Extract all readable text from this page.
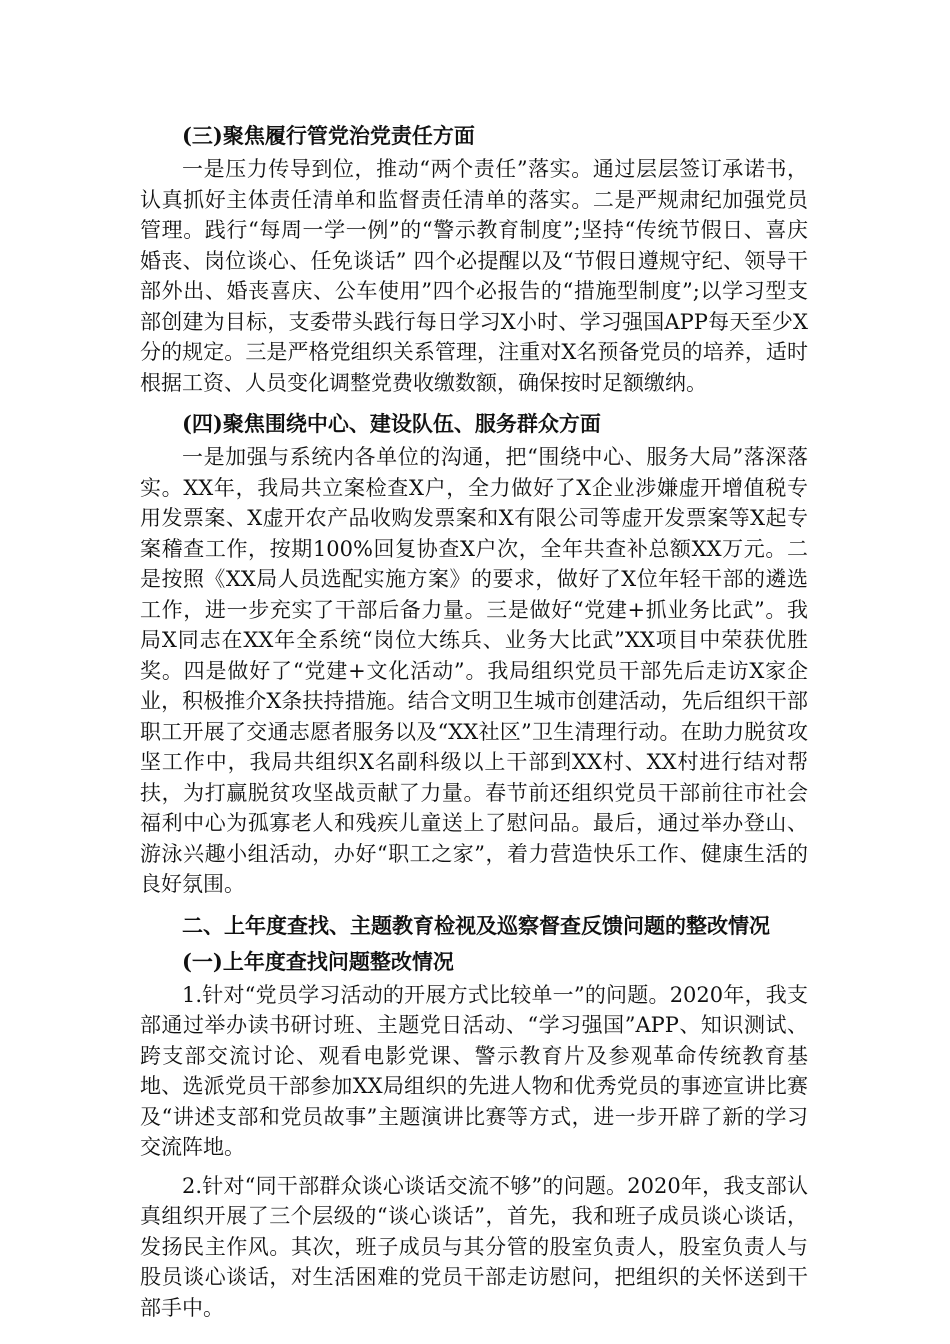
(三)聚焦履行管党治党责任方面

一是压力传导到位，推动“两个责任”落实。通过层层签订承诺书，认真抓好主体责任清单和监督责任清单的落实。二是严规肃纪加强党员管理。践行“每周一学一例”的“警示教育制度”;坚持“传统节假日、喜庆婚丧、岗位谈心、任免谈话” 四个必提醒以及“节假日遵规守纪、领导干部外出、婚丧喜庆、公车使用”四个必报告的“措施型制度”;以学习型支部创建为目标，支委带头践行每日学习X小时、学习强国APP每天至少X分的规定。三是严格党组织关系管理，注重对X名预备党员的培养，适时根据工资、人员变化调整党费收缴数额，确保按时足额缴纳。

(四)聚焦围绕中心、建设队伍、服务群众方面

一是加强与系统内各单位的沟通，把“围绕中心、服务大局”落深落实。XX年，我局共立案检查X户，全力做好了X企业涉嫌虚开增值税专用发票案、X虚开农产品收购发票案和X有限公司等虚开发票案等X起专案稽查工作，按期100%回复协查X户次，全年共查补总额XX万元。二是按照《XX局人员选配实施方案》的要求，做好了X位年轻干部的遴选工作，进一步充实了干部后备力量。三是做好“党建+抓业务比武”。我局X同志在XX年全系统“岗位大练兵、业务大比武”XX项目中荣获优胜奖。四是做好了“党建+文化活动”。我局组织党员干部先后走访X家企业，积极推介X条扶持措施。结合文明卫生城市创建活动，先后组织干部职工开展了交通志愿者服务以及“XX社区”卫生清理行动。在助力脱贫攻坚工作中，我局共组织X名副科级以上干部到XX村、XX村进行结对帮扶，为打赢脱贫攻坚战贡献了力量。春节前还组织党员干部前往市社会福利中心为孤寡老人和残疾儿童送上了慰问品。最后，通过举办登山、游泳兴趣小组活动，办好“职工之家”，着力营造快乐工作、健康生活的良好氛围。

二、上年度查找、主题教育检视及巡察督查反馈问题的整改情况

(一)上年度查找问题整改情况

1.针对“党员学习活动的开展方式比较单一”的问题。2020年，我支部通过举办读书研讨班、主题党日活动、“学习强国”APP、知识测试、跨支部交流讨论、观看电影党课、警示教育片及参观革命传统教育基地、选派党员干部参加XX局组织的先进人物和优秀党员的事迹宣讲比赛及“讲述支部和党员故事”主题演讲比赛等方式，进一步开辟了新的学习交流阵地。

2.针对“同干部群众谈心谈话交流不够”的问题。2020年，我支部认真组织开展了三个层级的“谈心谈话”，首先，我和班子成员谈心谈话，发扬民主作风。其次，班子成员与其分管的股室负责人，股室负责人与股员谈心谈话，对生活困难的党员干部走访慰问，把组织的关怀送到干部手中。
